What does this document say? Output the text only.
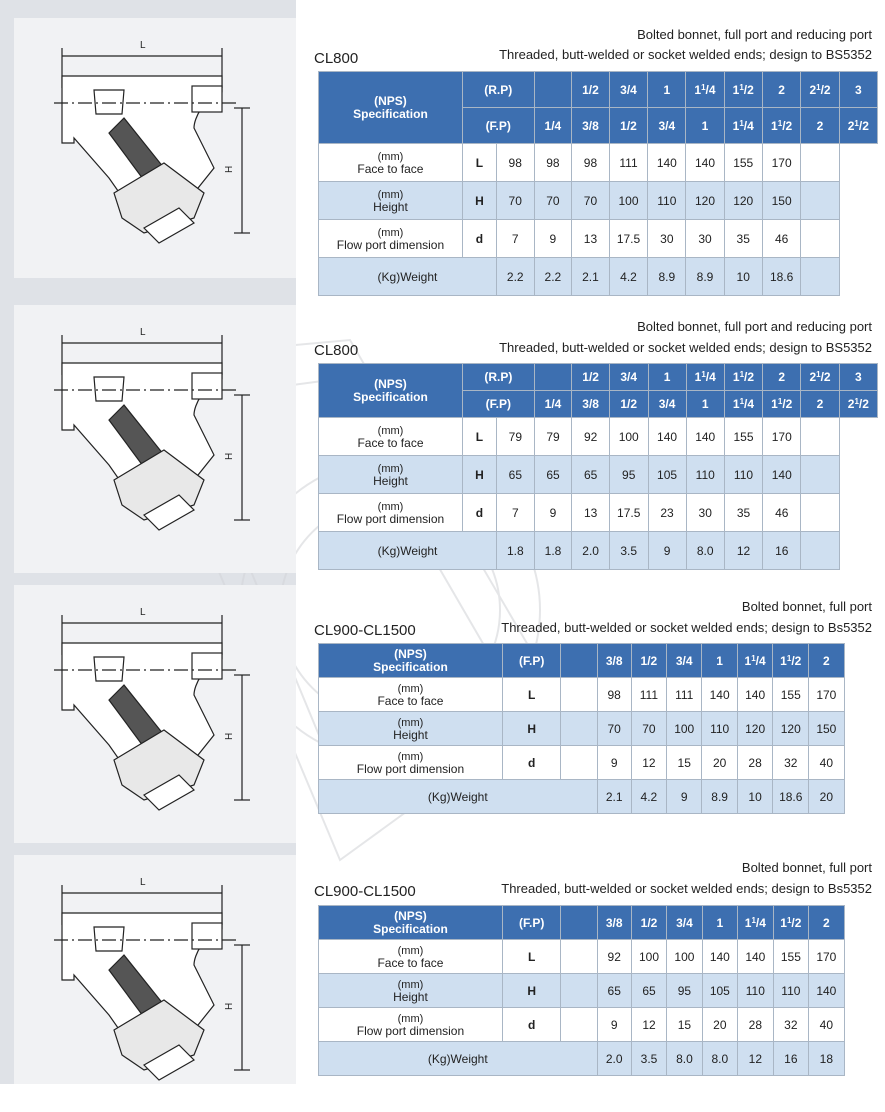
L
H
L
H
L
H
L
H
Bolted bonnet, full port and reducing port
Threaded, butt-welded or socket welded ends; design to BS5352
CL800
(NPS)
Specification	(R.P)			1/2	3/4	1	$1^1/4$	$1^1/2$	2	$2^1/2$	3
	(F.P)		1/4	3/8	1/2	3/4	1	$1^1/4$	$1^1/2$	2	$2^1/2$

(mm)
Face to face	L	98	98	98	111	140	140	155	170		

(mm)
Height	H	70	70	70	100	110	120	120	150		

(mm)
Flow port dimension	d	7	9	13	17.5	30	30	35	46		
(Kg)Weight		2.2	2.2	2.1	4.2	8.9	8.9	10	18.6		
Bolted bonnet, full port and reducing port
Threaded, butt-welded or socket welded ends; design to BS5352
CL800
(NPS)
Specification	(R.P)			1/2	3/4	1	$1^1/4$	$1^1/2$	2	$2^1/2$	3
	(F.P)		1/4	3/8	1/2	3/4	1	$1^1/4$	$1^1/2$	2	$2^1/2$

(mm)
Face to face	L	79	79	92	100	140	140	155	170		

(mm)
Height	H	65	65	65	95	105	110	110	140		

(mm)
Flow port dimension	d	7	9	13	17.5	23	30	35	46		
(Kg)Weight		1.8	1.8	2.0	3.5	9	8.0	12	16		
Bolted bonnet, full port
Threaded, butt-welded or socket welded ends; design to Bs5352
CL900-CL1500
(NPS)
Specification	(F.P)		3/8	1/2	3/4	1	$1^1/4$	$1^1/2$	2

(mm)
Face to face	L		98	111	111	140	140	155	170

(mm)
Height	H		70	70	100	110	120	120	150

(mm)
Flow port dimension	d		9	12	15	20	28	32	40
(Kg)Weight			2.1	4.2	9	8.9	10	18.6	20
Bolted bonnet, full port
Threaded, butt-welded or socket welded ends; design to Bs5352
CL900-CL1500
(NPS)
Specification	(F.P)		3/8	1/2	3/4	1	$1^1/4$	$1^1/2$	2

(mm)
Face to face	L		92	100	100	140	140	155	170

(mm)
Height	H		65	65	95	105	110	110	140

(mm)
Flow port dimension	d		9	12	15	20	28	32	40
(Kg)Weight			2.0	3.5	8.0	8.0	12	16	18
